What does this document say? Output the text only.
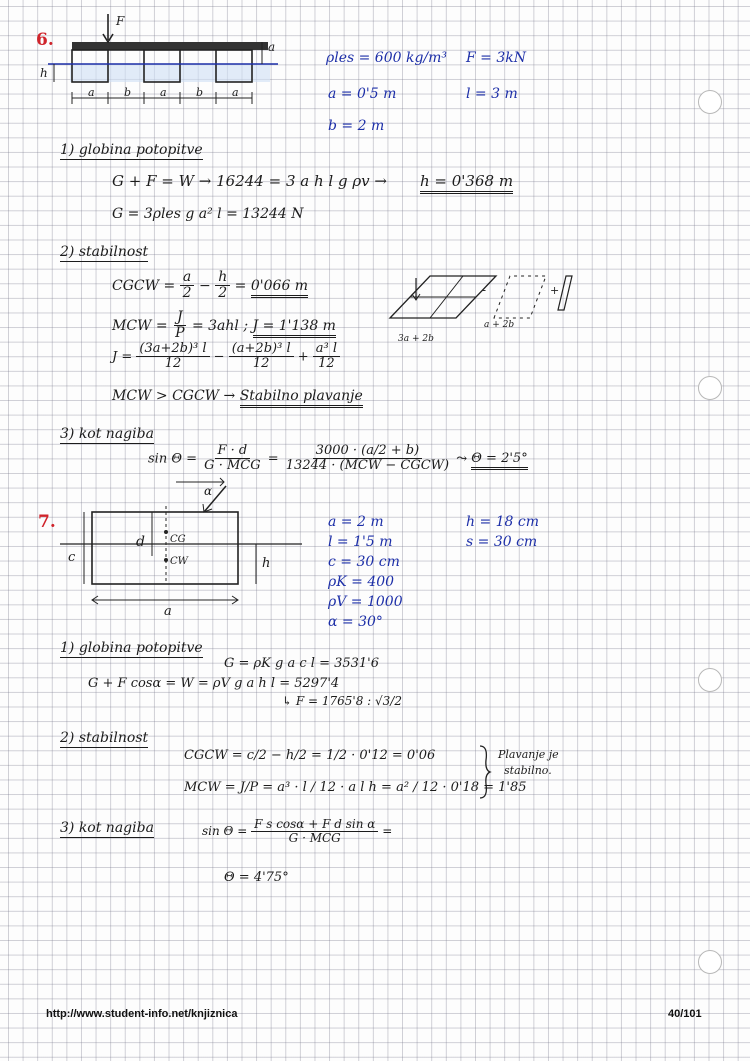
6.
F
a
h
a	b	a	b	a
ρles = 600 kg/m³
a = 0'5 m
b = 2 m
F = 3kN
l = 3 m
1) globina potopitve
G + F = W → 16244 = 3 a h l g ρv → h = 0'368 m
G = 3ρles g a² l = 13244 N
2) stabilnost
CGCW = $\frac{a}{2} - \frac{h}{2} = 0'066$ m
MCW = $\frac{J}{P} = 3ahl$ ; J = 1'138 m
$J = \frac{\text{(3a+2b)³ l}}{12} - \frac{\text{(a+2b)³ l}}{12} + \frac{\text{a³ l}}{12}$
MCW > CGCW → Stabilno plavanje
-	+
3a + 2b
a + 2b
3) kot nagiba
$\sin \Theta = \frac{F \cdot d}{\text{G · MCG}} = \frac{3000 \cdot (a/2 + b)}{\text{13244 · (MCW − CGCW)}}$ ⤳ Θ = 2'5°
7.
d	CG
CW
c	h
a
α
a = 2 m
l = 1'5 m
c = 30 cm
ρK = 400
ρV = 1000
α = 30°
h = 18 cm
s = 30 cm
1) globina potopitve
G = ρK g a c l = 3531'6
G + F cosα = W = ρV g a h l = 5297'4
↳ F = 1765'8 : √3/2
2) stabilnost
CGCW = c/2 − h/2 = 1/2 · 0'12 = 0'06
MCW = J/P = a³ · l / 12 · a l h = a² / 12 · 0'18 = 1'85
Plavanje je
stabilno.
3) kot nagiba	$\sin \Theta = \frac{\text{F s cosα + F d sin α}}{\text{G · MCG}}$ =
Θ = 4'75°
http://www.student-info.net/knjiznica	40/101
